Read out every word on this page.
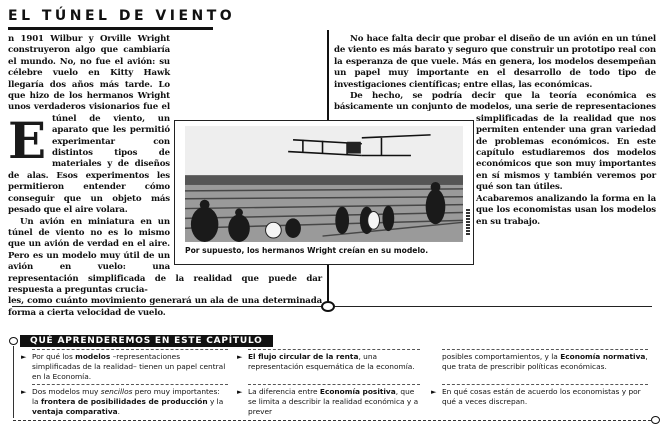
EL TÚNEL DE VIENTO
E

n 1901 Wilbur y Orville Wright construyeron algo que cambiaría el mundo. No, no fue el avión: su célebre vuelo en Kitty Hawk llegaría dos años más tarde. Lo que hizo de los hermanos Wright unos verdaderos visionarios fue el túnel de viento, un aparato que les permitió experimentar con distintos tipos de materiales y de diseños de

alas. Esos experimentos les permitieron entender cómo conseguir que un objeto más pesado que el aire volara.

Un avión en miniatura en un túnel de viento no es lo mismo que un avión de verdad en el aire. Pero es un modelo muy útil de un avión en vuelo: una representación simplificada de la realidad que puede dar respuesta a preguntas crucia-

les, como cuánto movimiento generará un ala de una determinada forma a cierta velocidad de vuelo.

No hace falta decir que probar el diseño de un avión en un túnel de viento es más barato y seguro que construir un prototipo real con la esperanza de que vuele. Más en genera, los modelos desempeñan un papel muy importante en el desarrollo de todo tipo de investigaciones científicas; entre ellas, las económicas.

De hecho, se podría decir que la teoría económica es básicamente un conjunto de modelos, una serie de representaciones simplificadas de la realidad que nos permiten entender una gran variedad de problemas económicos. En este capítulo estudiaremos dos modelos económicos que son muy importantes en sí mismos y también veremos por qué son tan útiles.

Acabaremos analizando la forma en la que los economistas usan los modelos en su trabajo.

Por supuesto, los hermanos Wright creían en su modelo.
QUÉ APRENDEREMOS EN ESTE CAPÍTULO
► Por qué los modelos –representaciones simplificadas de la realidad– tienen un papel central en la Economía.
► Dos modelos muy sencillos pero muy importantes: la frontera de posibilidades de producción y la ventaja comparativa.
► El flujo circular de la renta, una representación esquemática de la economía.
► La diferencia entre Economía positiva, que se limita a describir la realidad económica y a prever
posibles comportamientos, y la Economía normativa, que trata de prescribir políticas económicas.
► En qué cosas están de acuerdo los economistas y por qué a veces discrepan.
